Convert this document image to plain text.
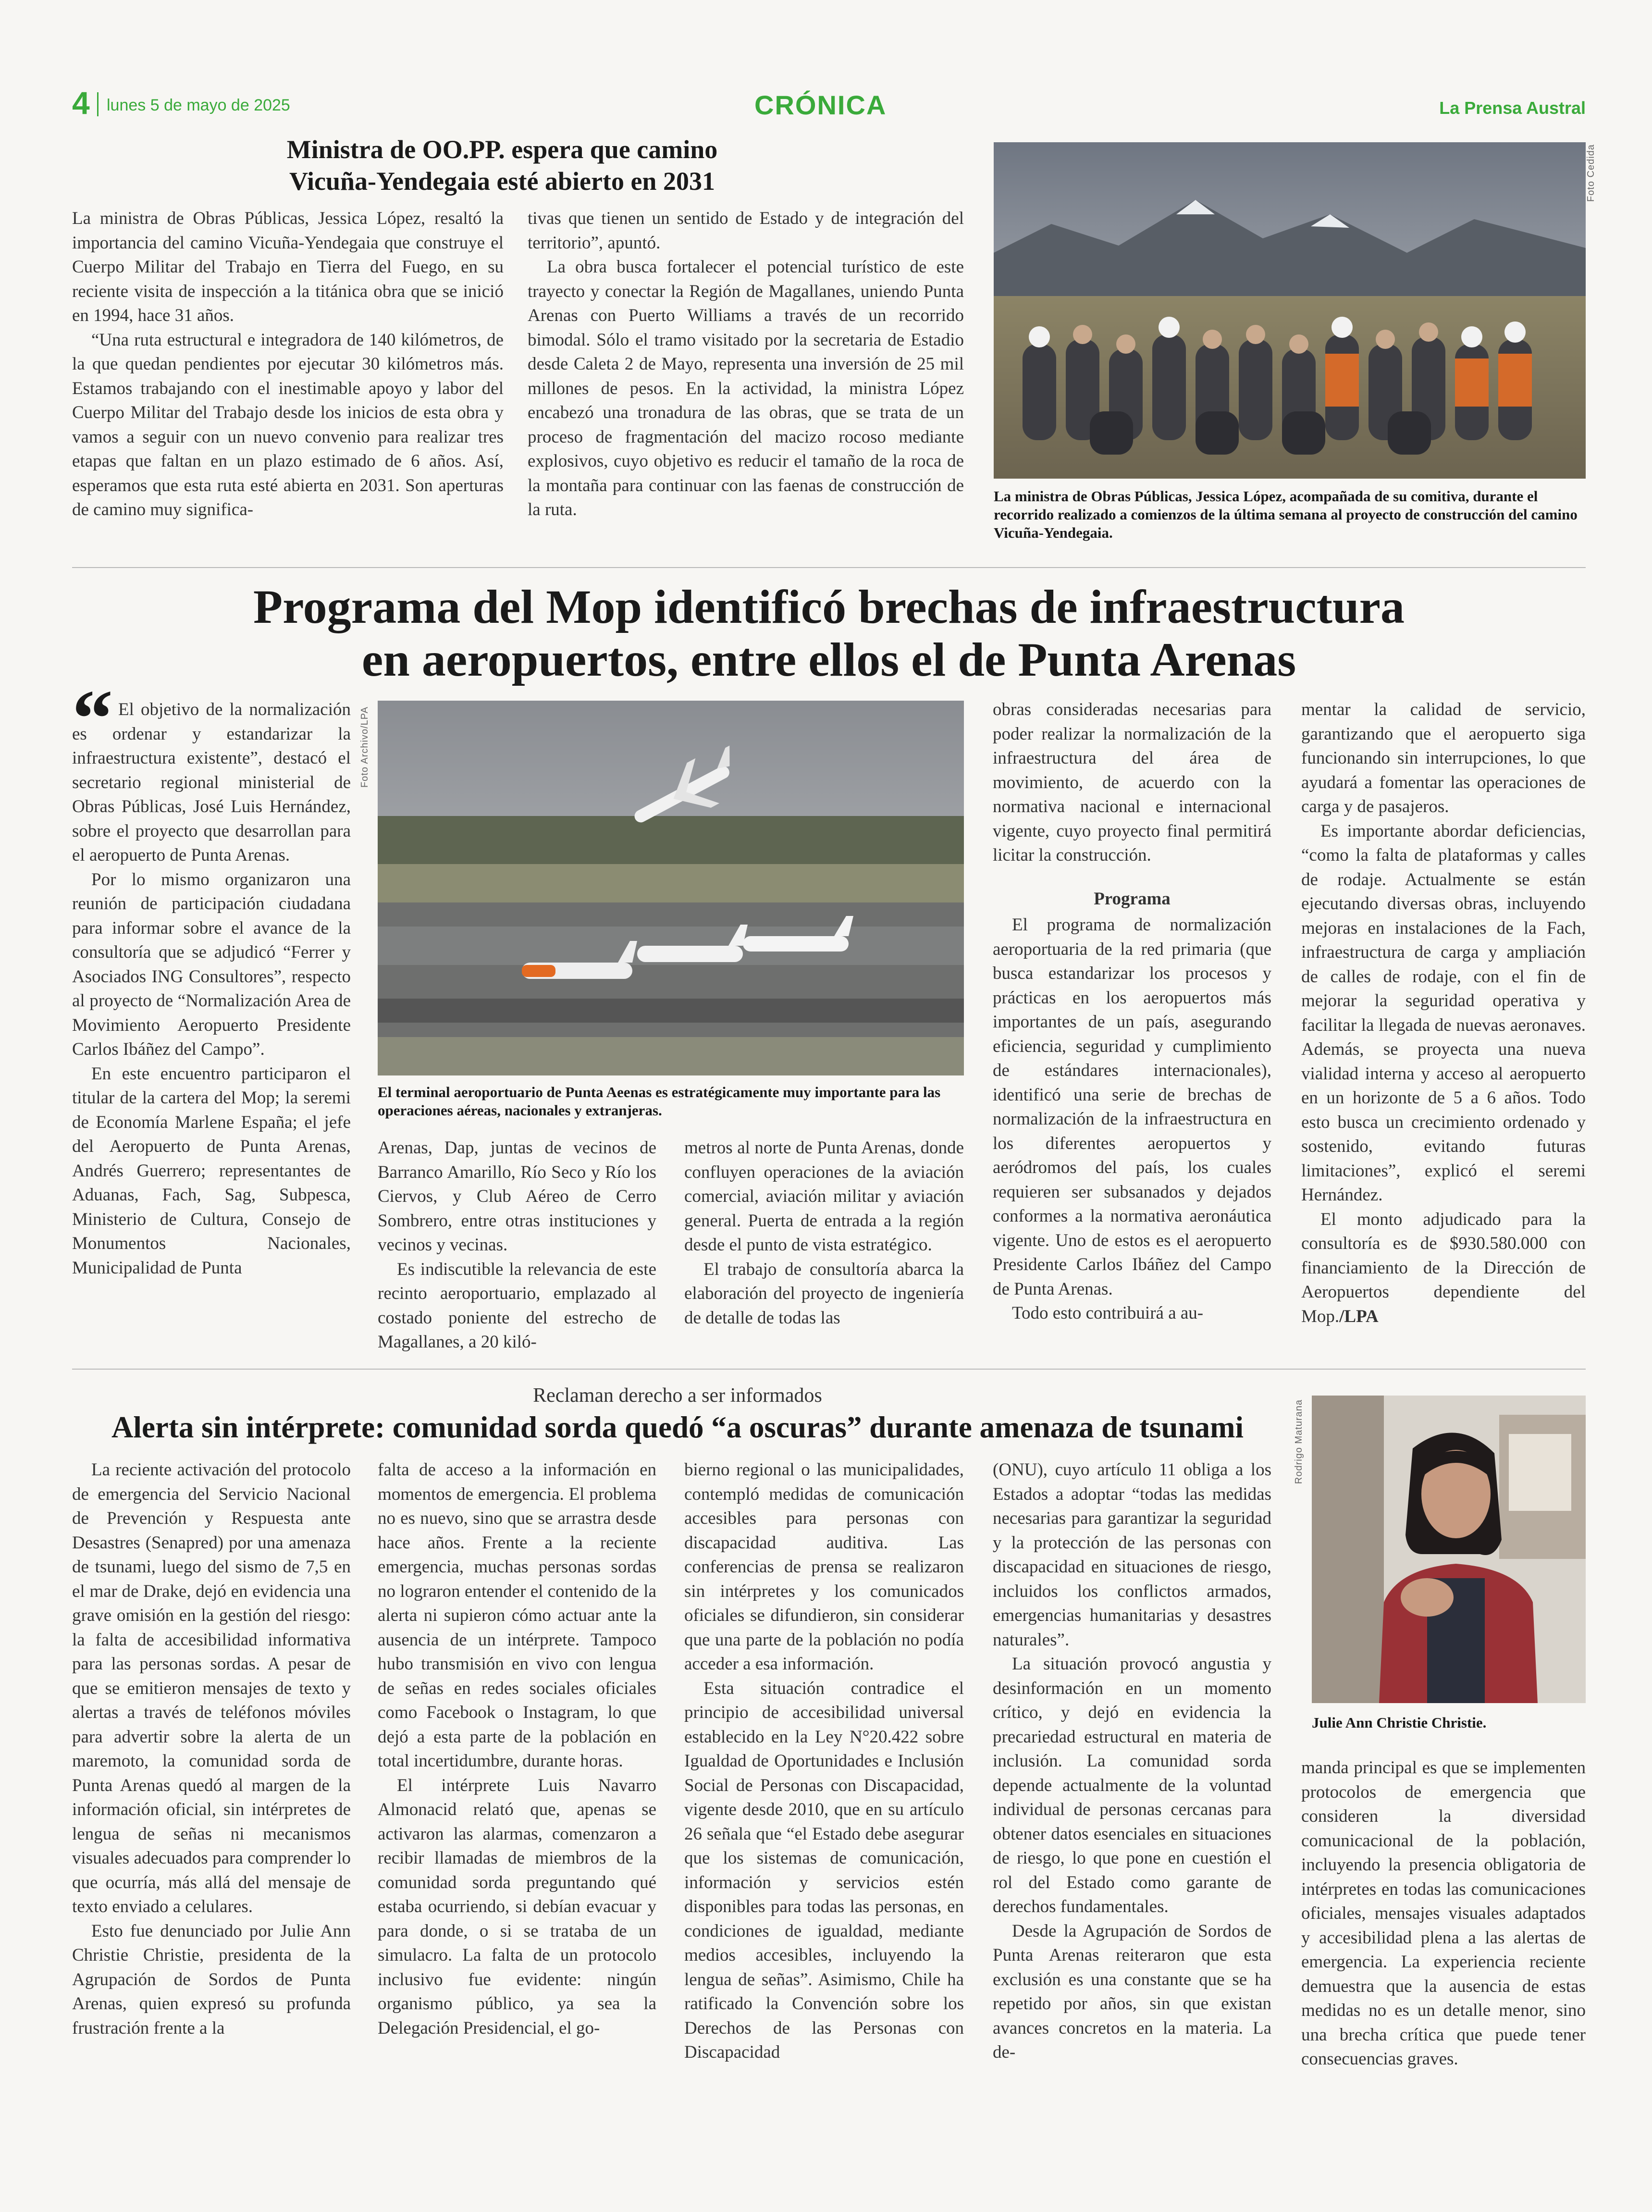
4 lunes 5 de mayo de 2025	CRÓNICA	La Prensa Austral
Ministra de OO.PP. espera que camino
Vicuña-Yendegaia esté abierto en 2031

La ministra de Obras Públicas, Jessica López, resaltó la importancia del camino Vicuña-Yendegaia que construye el Cuerpo Militar del Trabajo en Tierra del Fuego, en su reciente visita de inspección a la titánica obra que se inició en 1994, hace 31 años.

“Una ruta estructural e integradora de 140 kilómetros, de la que quedan pendientes por ejecutar 30 kilómetros más. Estamos trabajando con el inestimable apoyo y labor del Cuerpo Militar del Trabajo desde los inicios de esta obra y vamos a seguir con un nuevo convenio para realizar tres etapas que faltan en un plazo estimado de 6 años. Así, esperamos que esta ruta esté abierta en 2031. Son aperturas de camino muy significa-

tivas que tienen un sentido de Estado y de integración del territorio”, apuntó.

La obra busca fortalecer el potencial turístico de este trayecto y conectar la Región de Magallanes, uniendo Punta Arenas con Puerto Williams a través de un recorrido bimodal. Sólo el tramo visitado por la secretaria de Estadio desde Caleta 2 de Mayo, representa una inversión de 25 mil millones de pesos. En la actividad, la ministra López encabezó una tronadura de las obras, que se trata de un proceso de fragmentación del macizo rocoso mediante explosivos, cuyo objetivo es reducir el tamaño de la roca de la montaña para continuar con las faenas de construcción de la ruta.

Foto Cedida
La ministra de Obras Públicas, Jessica López, acompañada de su comitiva, durante el recorrido realizado a comienzos de la última semana al proyecto de construcción del camino Vicuña-Yendegaia.
Programa del Mop identificó brechas de infraestructura
en aeropuertos, entre ellos el de Punta Arenas
“ El objetivo de la normalización es ordenar y estandarizar la infraestructura existente”, destacó el secretario regional ministerial de Obras Públicas, José Luis Hernández, sobre el proyecto que desarrollan para el aeropuerto de Punta Arenas.

Por lo mismo organizaron una reunión de participación ciudadana para informar sobre el avance de la consultoría que se adjudicó “Ferrer y Asociados ING Consultores”, respecto al proyecto de “Normalización Area de Movimiento Aeropuerto Presidente Carlos Ibáñez del Campo”.

En este encuentro participaron el titular de la cartera del Mop; la seremi de Economía Marlene España; el jefe del Aeropuerto de Punta Arenas, Andrés Guerrero; representantes de Aduanas, Fach, Sag, Subpesca, Ministerio de Cultura, Consejo de Monumentos Nacionales, Municipalidad de Punta

Foto Archivo/LPA
El terminal aeroportuario de Punta Aeenas es estratégicamente muy importante para las operaciones aéreas, nacionales y extranjeras.

Arenas, Dap, juntas de vecinos de Barranco Amarillo, Río Seco y Río los Ciervos, y Club Aéreo de Cerro Sombrero, entre otras instituciones y vecinos y vecinas.

Es indiscutible la relevancia de este recinto aeroportuario, emplazado al costado poniente del estrecho de Magallanes, a 20 kiló-

metros al norte de Punta Arenas, donde confluyen operaciones de la aviación comercial, aviación militar y aviación general. Puerta de entrada a la región desde el punto de vista estratégico.

El trabajo de consultoría abarca la elaboración del proyecto de ingeniería de detalle de todas las

obras consideradas necesarias para poder realizar la normalización de la infraestructura del área de movimiento, de acuerdo con la normativa nacional e internacional vigente, cuyo proyecto final permitirá licitar la construcción.

Programa

El programa de normalización aeroportuaria de la red primaria (que busca estandarizar los procesos y prácticas en los aeropuertos más importantes de un país, asegurando eficiencia, seguridad y cumplimiento de estándares internacionales), identificó una serie de brechas de normalización de la infraestructura en los diferentes aeropuertos y aeródromos del país, los cuales requieren ser subsanados y dejados conformes a la normativa aeronáutica vigente. Uno de estos es el aeropuerto Presidente Carlos Ibáñez del Campo de Punta Arenas.

Todo esto contribuirá a au-

mentar la calidad de servicio, garantizando que el aeropuerto siga funcionando sin interrupciones, lo que ayudará a fomentar las operaciones de carga y de pasajeros.

Es importante abordar deficiencias, “como la falta de plataformas y calles de rodaje. Actualmente se están ejecutando diversas obras, incluyendo mejoras en instalaciones de la Fach, infraestructura de carga y ampliación de calles de rodaje, con el fin de mejorar la seguridad operativa y facilitar la llegada de nuevas aeronaves. Además, se proyecta una nueva vialidad interna y acceso al aeropuerto en un horizonte de 5 a 6 años. Todo esto busca un crecimiento ordenado y sostenido, evitando futuras limitaciones”, explicó el seremi Hernández.

El monto adjudicado para la consultoría es de $930.580.000 con financiamiento de la Dirección de Aeropuertos dependiente del Mop./LPA

Reclaman derecho a ser informados
Alerta sin intérprete: comunidad sorda quedó “a oscuras” durante amenaza de tsunami

La reciente activación del protocolo de emergencia del Servicio Nacional de Prevención y Respuesta ante Desastres (Senapred) por una amenaza de tsunami, luego del sismo de 7,5 en el mar de Drake, dejó en evidencia una grave omisión en la gestión del riesgo: la falta de accesibilidad informativa para las personas sordas. A pesar de que se emitieron mensajes de texto y alertas a través de teléfonos móviles para advertir sobre la alerta de un maremoto, la comunidad sorda de Punta Arenas quedó al margen de la información oficial, sin intérpretes de lengua de señas ni mecanismos visuales adecuados para comprender lo que ocurría, más allá del mensaje de texto enviado a celulares.

Esto fue denunciado por Julie Ann Christie Christie, presidenta de la Agrupación de Sordos de Punta Arenas, quien expresó su profunda frustración frente a la

falta de acceso a la información en momentos de emergencia. El problema no es nuevo, sino que se arrastra desde hace años. Frente a la reciente emergencia, muchas personas sordas no lograron entender el contenido de la alerta ni supieron cómo actuar ante la ausencia de un intérprete. Tampoco hubo transmisión en vivo con lengua de señas en redes sociales oficiales como Facebook o Instagram, lo que dejó a esta parte de la población en total incertidumbre, durante horas.

El intérprete Luis Navarro Almonacid relató que, apenas se activaron las alarmas, comenzaron a recibir llamadas de miembros de la comunidad sorda preguntando qué estaba ocurriendo, si debían evacuar y para donde, o si se trataba de un simulacro. La falta de un protocolo inclusivo fue evidente: ningún organismo público, ya sea la Delegación Presidencial, el go-

bierno regional o las municipalidades, contempló medidas de comunicación accesibles para personas con discapacidad auditiva. Las conferencias de prensa se realizaron sin intérpretes y los comunicados oficiales se difundieron, sin considerar que una parte de la población no podía acceder a esa información.

Esta situación contradice el principio de accesibilidad universal establecido en la Ley N°20.422 sobre Igualdad de Oportunidades e Inclusión Social de Personas con Discapacidad, vigente desde 2010, que en su artículo 26 señala que “el Estado debe asegurar que los sistemas de comunicación, información y servicios estén disponibles para todas las personas, en condiciones de igualdad, mediante medios accesibles, incluyendo la lengua de señas”. Asimismo, Chile ha ratificado la Convención sobre los Derechos de las Personas con Discapacidad

(ONU), cuyo artículo 11 obliga a los Estados a adoptar “todas las medidas necesarias para garantizar la seguridad y la protección de las personas con discapacidad en situaciones de riesgo, incluidos los conflictos armados, emergencias humanitarias y desastres naturales”.

La situación provocó angustia y desinformación en un momento crítico, y dejó en evidencia la precariedad estructural en materia de inclusión. La comunidad sorda depende actualmente de la voluntad individual de personas cercanas para obtener datos esenciales en situaciones de riesgo, lo que pone en cuestión el rol del Estado como garante de derechos fundamentales.

Desde la Agrupación de Sordos de Punta Arenas reiteraron que esta exclusión es una constante que se ha repetido por años, sin que existan avances concretos en la materia. La de-

Rodrigo Maturana
Julie Ann Christie Christie.

manda principal es que se implementen protocolos de emergencia que consideren la diversidad comunicacional de la población, incluyendo la presencia obligatoria de intérpretes en todas las comunicaciones oficiales, mensajes visuales adaptados y accesibilidad plena a las alertas de emergencia. La experiencia reciente demuestra que la ausencia de estas medidas no es un detalle menor, sino una brecha crítica que puede tener consecuencias graves.
